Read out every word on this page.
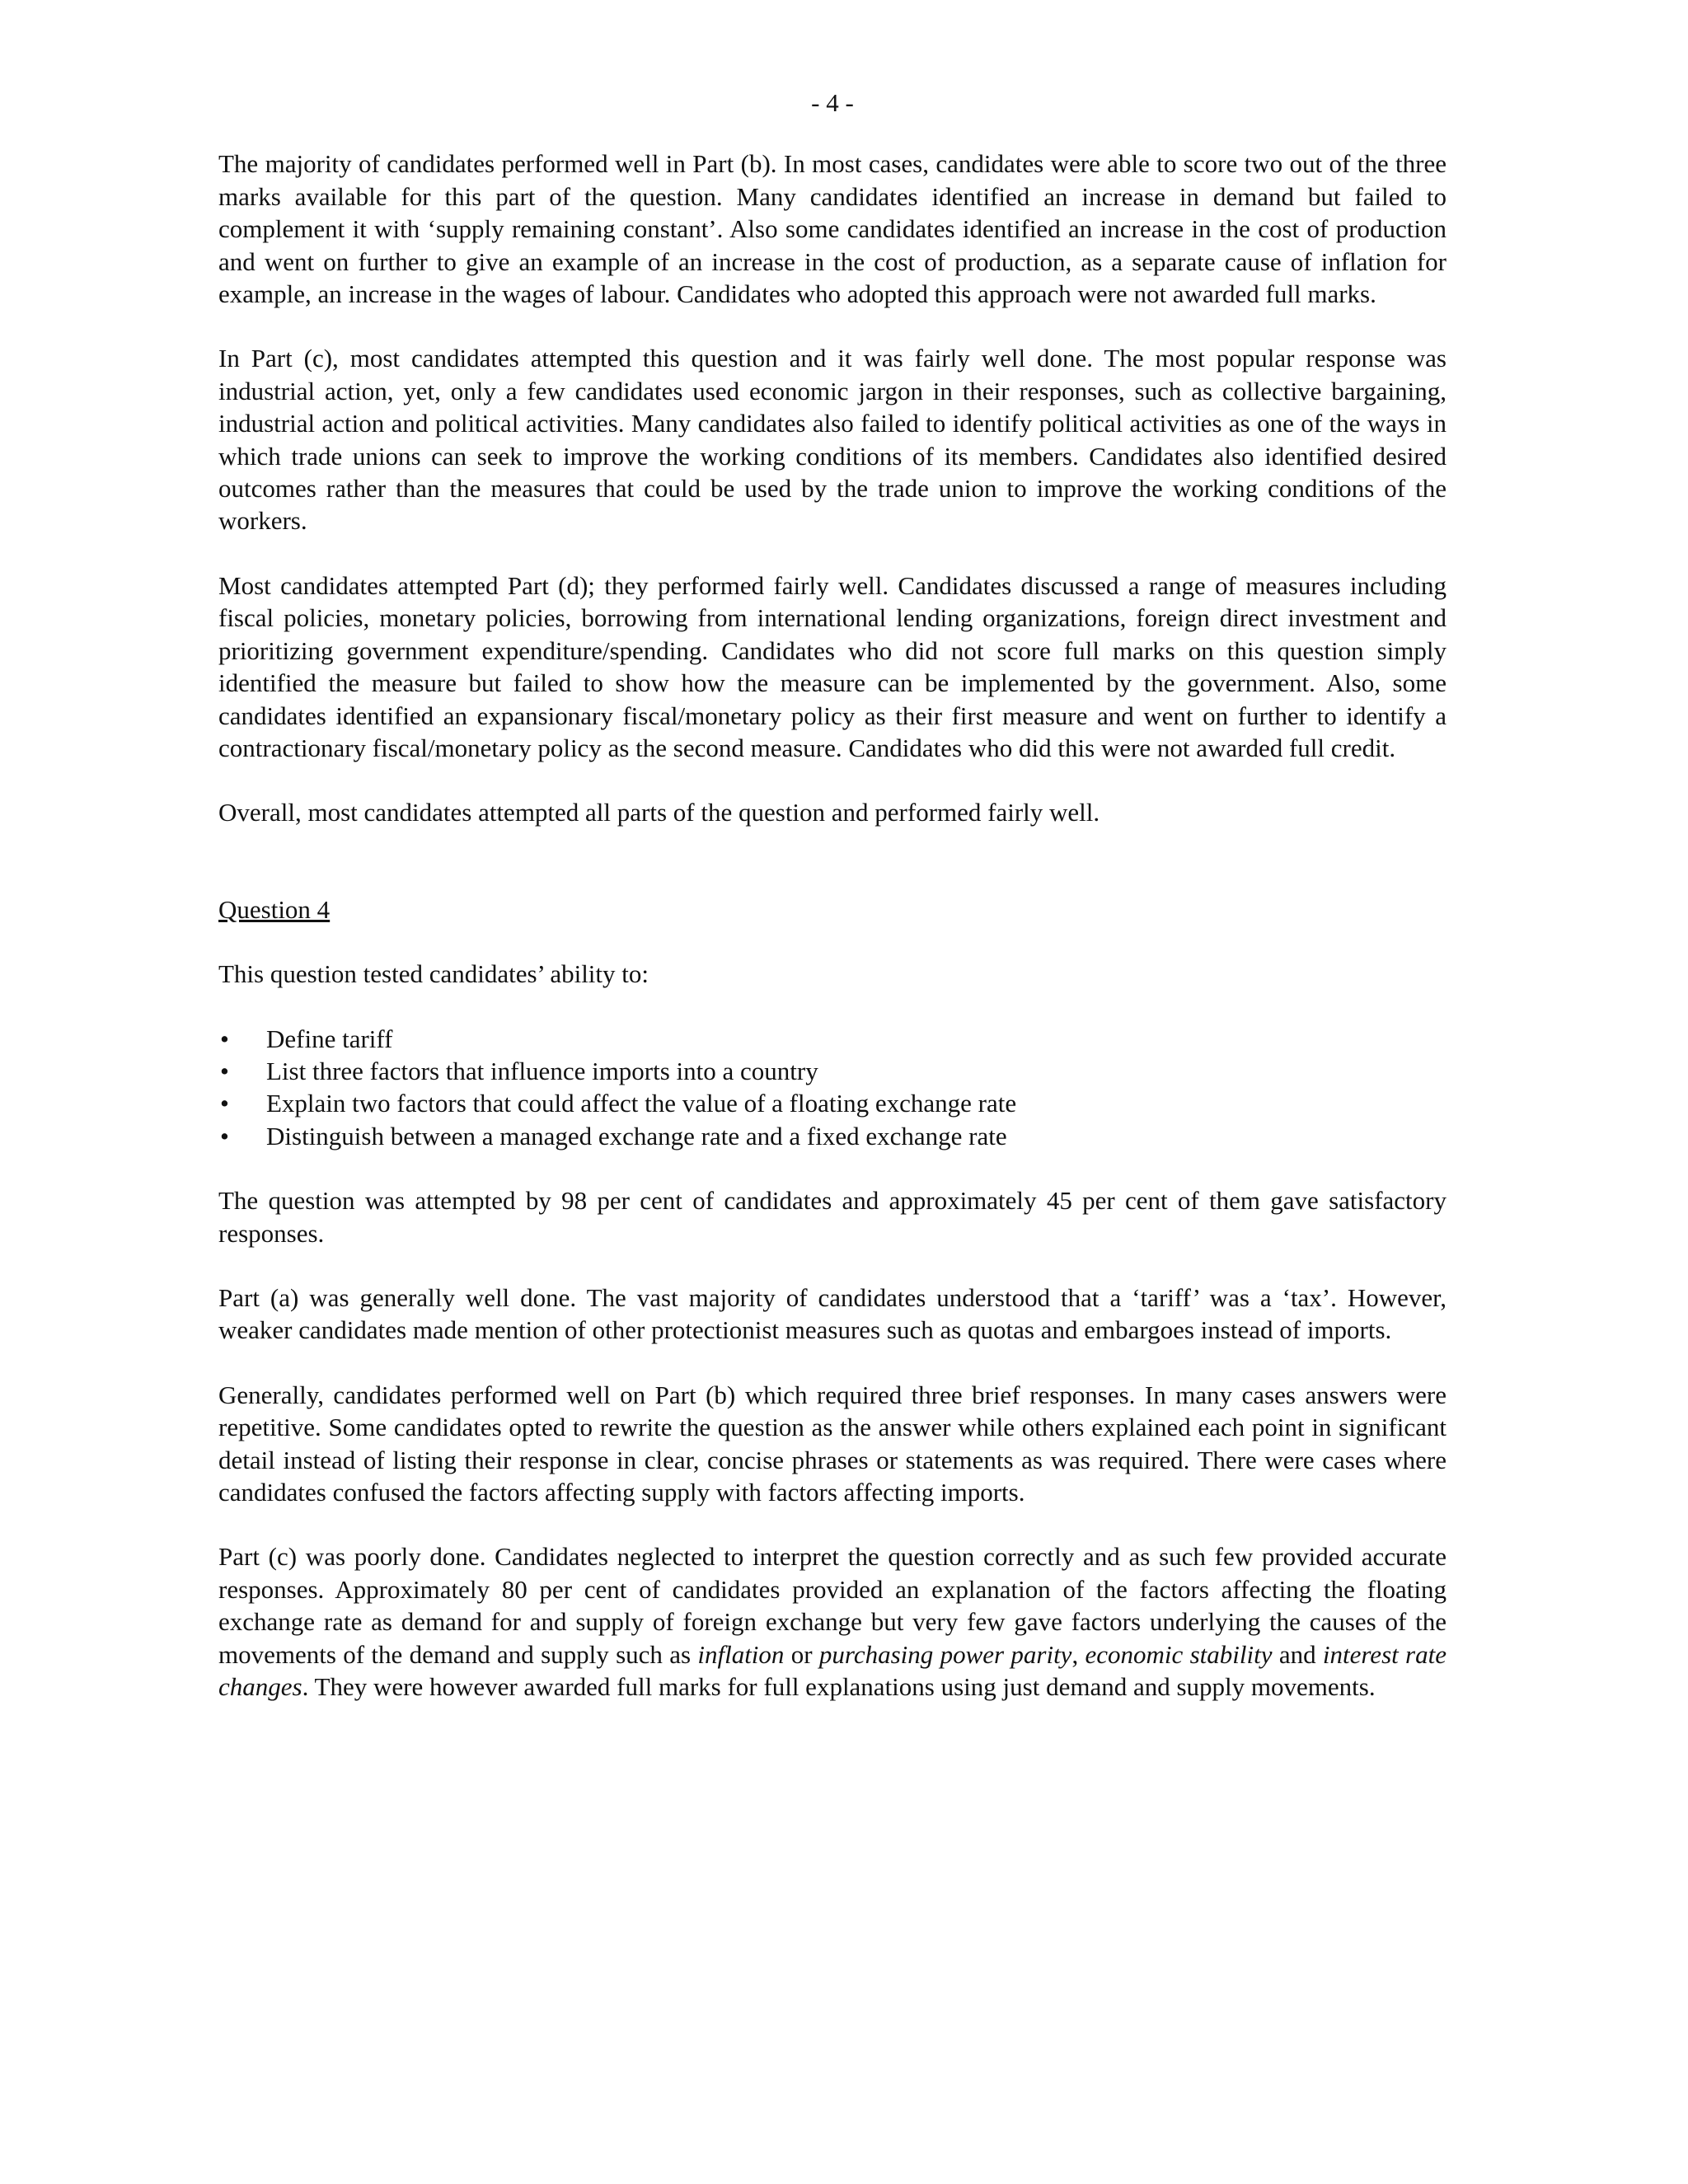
- 4 -

The majority of candidates performed well in Part (b). In most cases, candidates were able to score two out of the three marks available for this part of the question. Many candidates identified an increase in demand but failed to complement it with ‘supply remaining constant’. Also some candidates identified an increase in the cost of production and went on further to give an example of an increase in the cost of production, as a separate cause of inflation for example, an increase in the wages of labour. Candidates who adopted this approach were not awarded full marks.

In Part (c), most candidates attempted this question and it was fairly well done. The most popular response was industrial action, yet, only a few candidates used economic jargon in their responses, such as collective bargaining, industrial action and political activities. Many candidates also failed to identify political activities as one of the ways in which trade unions can seek to improve the working conditions of its members. Candidates also identified desired outcomes rather than the measures that could be used by the trade union to improve the working conditions of the workers.

Most candidates attempted Part (d); they performed fairly well. Candidates discussed a range of measures including fiscal policies, monetary policies, borrowing from international lending organizations, foreign direct investment and prioritizing government expenditure/spending. Candidates who did not score full marks on this question simply identified the measure but failed to show how the measure can be implemented by the government. Also, some candidates identified an expansionary fiscal/monetary policy as their first measure and went on further to identify a contractionary fiscal/monetary policy as the second measure. Candidates who did this were not awarded full credit.

Overall, most candidates attempted all parts of the question and performed fairly well.

Question 4

This question tested candidates’ ability to:

• Define tariff
• List three factors that influence imports into a country
• Explain two factors that could affect the value of a floating exchange rate
• Distinguish between a managed exchange rate and a fixed exchange rate

The question was attempted by 98 per cent of candidates and approximately 45 per cent of them gave satisfactory responses.

Part (a) was generally well done. The vast majority of candidates understood that a ‘tariff’ was a ‘tax’. However, weaker candidates made mention of other protectionist measures such as quotas and embargoes instead of imports.

Generally, candidates performed well on Part (b) which required three brief responses. In many cases answers were repetitive. Some candidates opted to rewrite the question as the answer while others explained each point in significant detail instead of listing their response in clear, concise phrases or statements as was required. There were cases where candidates confused the factors affecting supply with factors affecting imports.

Part (c) was poorly done. Candidates neglected to interpret the question correctly and as such few provided accurate responses. Approximately 80 per cent of candidates provided an explanation of the factors affecting the floating exchange rate as demand for and supply of foreign exchange but very few gave factors underlying the causes of the movements of the demand and supply such as inflation or purchasing power parity, economic stability and interest rate changes. They were however awarded full marks for full explanations using just demand and supply movements.
